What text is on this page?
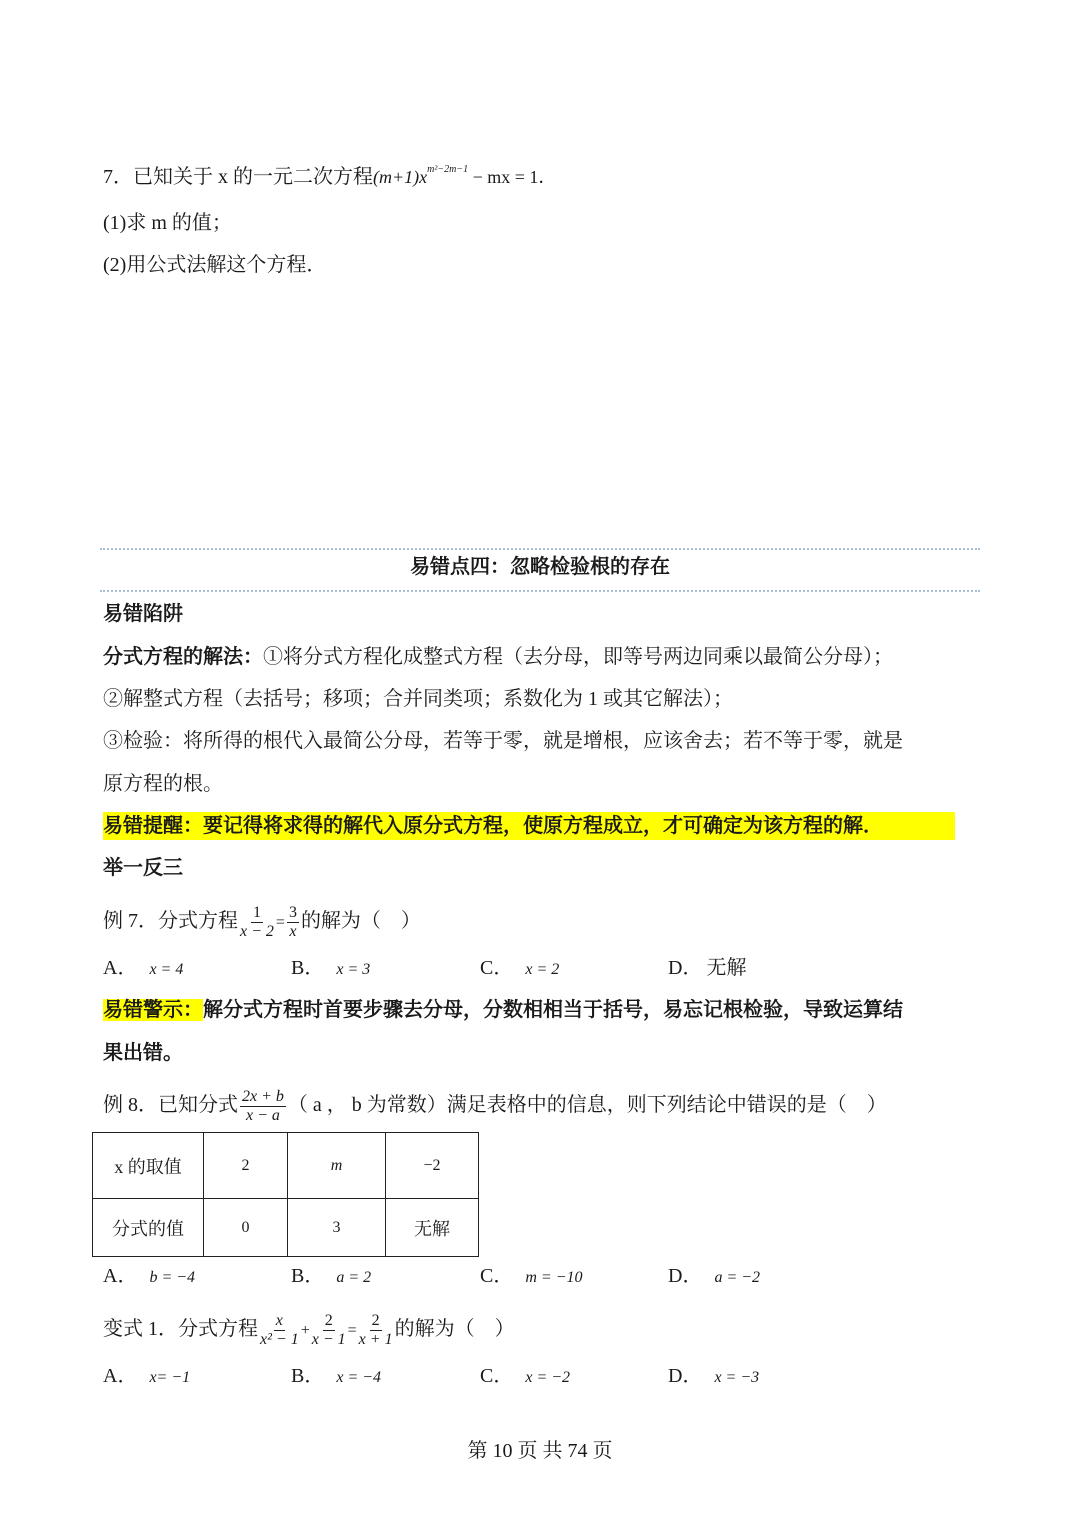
7．已知关于 x 的一元二次方程$(m+1)x^{m^2-2m-1}$ − mx = 1．
(1)求 m 的值；
(2)用公式法解这个方程．
易错点四：忽略检验根的存在
易错陷阱
分式方程的解法：①将分式方程化成整式方程（去分母，即等号两边同乘以最简公分母）；
②解整式方程（去括号；移项；合并同类项；系数化为 1 或其它解法）；
③检验：将所得的根代入最简公分母，若等于零，就是增根，应该舍去；若不等于零，就是
原方程的根。
易错提醒：要记得将求得的解代入原分式方程，使原方程成立，才可确定为该方程的解．
举一反三
例 7．分式方程 $\frac{1}{x - 2} = \frac{3}{x}$ 的解为（　）
A． x = 4	B． x = 3	C． x = 2	D． 无解
易错警示：解分式方程时首要步骤去分母，分数相相当于括号，易忘记根检验，导致运算结
果出错。
例 8．已知分式 $\frac{2x + b}{x - a}$ （ a ， b 为常数）满足表格中的信息，则下列结论中错误的是（　）
x 的取值	2	m	−2
分式的值	0	3	无解
A． b = −4	B． a = 2	C． m = −10	D． a = −2
变式 1．分式方程 $\frac{x}{\text{x² − 1}} + \frac{2}{x - 1} = \frac{2}{x + 1}$ 的解为（　）
A． x= −1	B． x = −4	C． x = −2	D． x = −3
第 10 页 共 74 页
